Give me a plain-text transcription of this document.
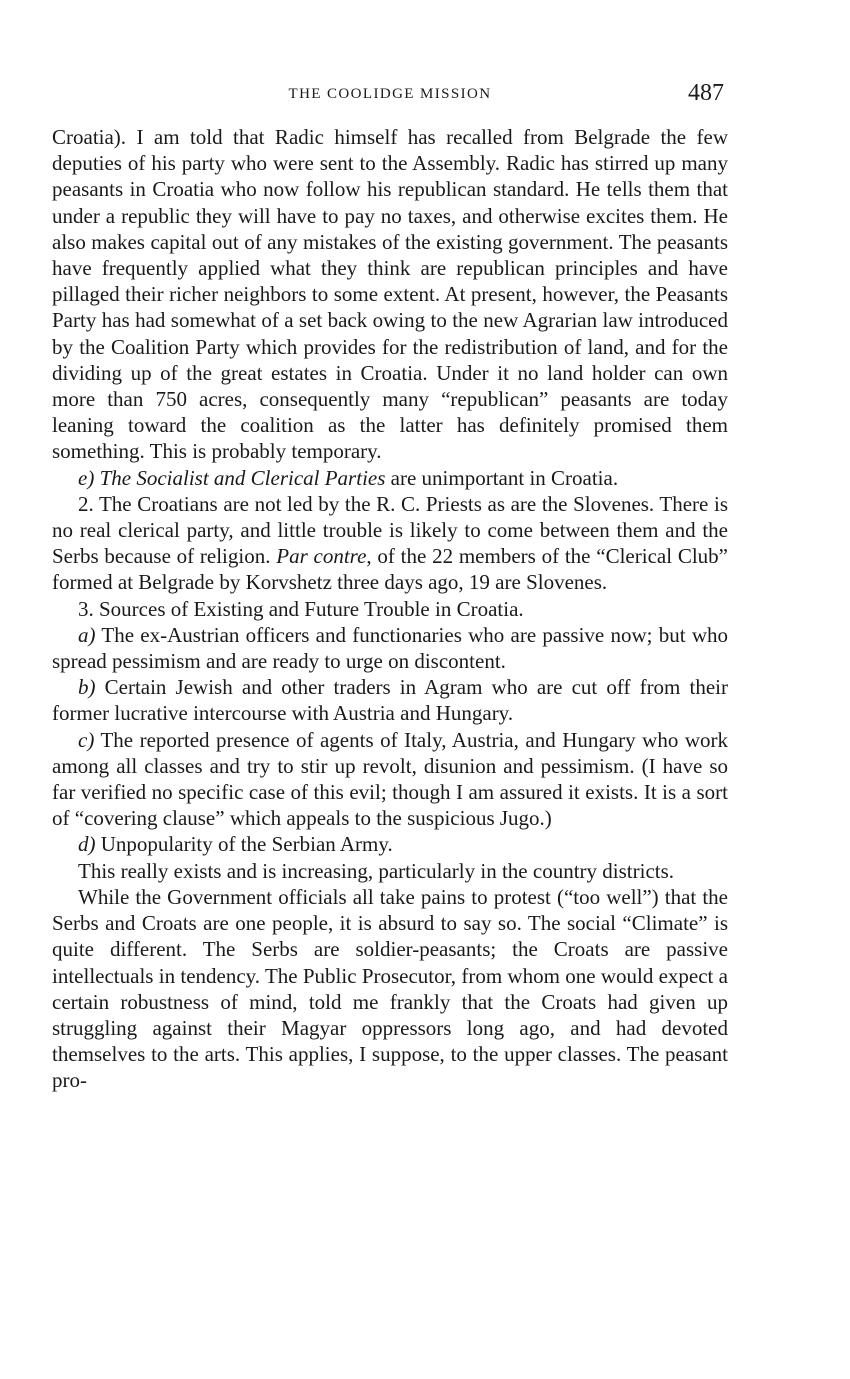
THE COOLIDGE MISSION	487

Croatia). I am told that Radic himself has recalled from Belgrade the few deputies of his party who were sent to the Assembly. Radic has stirred up many peasants in Croatia who now follow his republican standard. He tells them that under a republic they will have to pay no taxes, and otherwise excites them. He also makes capital out of any mistakes of the existing government. The peasants have frequently applied what they think are republican principles and have pillaged their richer neighbors to some extent. At present, however, the Peasants Party has had somewhat of a set back owing to the new Agrarian law introduced by the Coalition Party which provides for the redistribution of land, and for the dividing up of the great estates in Croatia. Under it no land holder can own more than 750 acres, consequently many “republican” peasants are today leaning toward the coalition as the latter has definitely promised them something. This is probably temporary.

e) The Socialist and Clerical Parties are unimportant in Croatia.

2. The Croatians are not led by the R. C. Priests as are the Slovenes. There is no real clerical party, and little trouble is likely to come between them and the Serbs because of religion. Par contre, of the 22 members of the “Clerical Club” formed at Belgrade by Korvshetz three days ago, 19 are Slovenes.

3. Sources of Existing and Future Trouble in Croatia.

a) The ex-Austrian officers and functionaries who are passive now; but who spread pessimism and are ready to urge on discontent.

b) Certain Jewish and other traders in Agram who are cut off from their former lucrative intercourse with Austria and Hungary.

c) The reported presence of agents of Italy, Austria, and Hungary who work among all classes and try to stir up revolt, disunion and pessimism. (I have so far verified no specific case of this evil; though I am assured it exists. It is a sort of “covering clause” which appeals to the suspicious Jugo.)

d) Unpopularity of the Serbian Army.

This really exists and is increasing, particularly in the country districts.

While the Government officials all take pains to protest (“too well”) that the Serbs and Croats are one people, it is absurd to say so. The social “Climate” is quite different. The Serbs are soldier-peasants; the Croats are passive intellectuals in tendency. The Public Prosecutor, from whom one would expect a certain robustness of mind, told me frankly that the Croats had given up struggling against their Magyar oppressors long ago, and had devoted themselves to the arts. This applies, I suppose, to the upper classes. The peasant pro-
